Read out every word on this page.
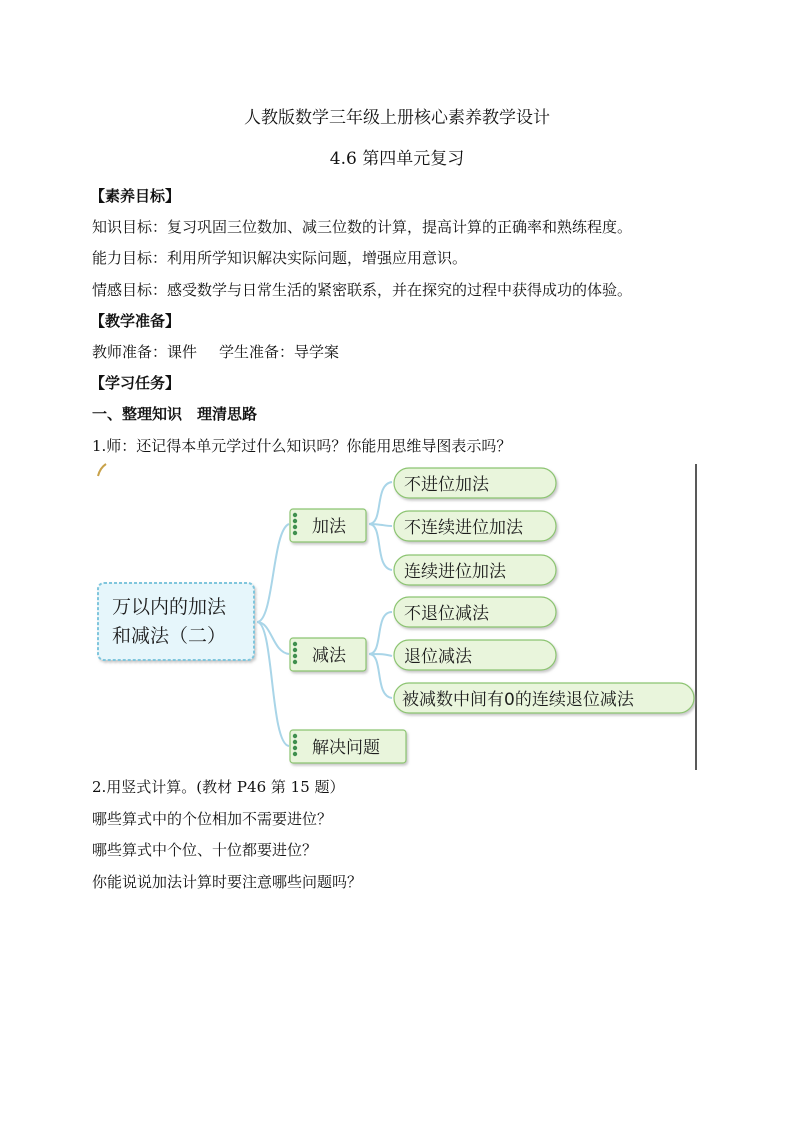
人教版数学三年级上册核心素养教学设计
4.6 第四单元复习
【素养目标】
知识目标：复习巩固三位数加、减三位数的计算，提高计算的正确率和熟练程度。
能力目标：利用所学知识解决实际问题，增强应用意识。
情感目标：感受数学与日常生活的紧密联系，并在探究的过程中获得成功的体验。
【教学准备】
教师准备：课件 学生准备：导学案
【学习任务】
一、整理知识　理清思路
1.师：还记得本单元学过什么知识吗？你能用思维导图表示吗？
万以内的加法
和减法（二）
加法
减法
解决问题
不进位加法
不连续进位加法
连续进位加法
不退位减法
退位减法
被减数中间有0的连续退位减法
2.用竖式计算。(教材 P46 第 15 题）
哪些算式中的个位相加不需要进位？
哪些算式中个位、十位都要进位？
你能说说加法计算时要注意哪些问题吗？
